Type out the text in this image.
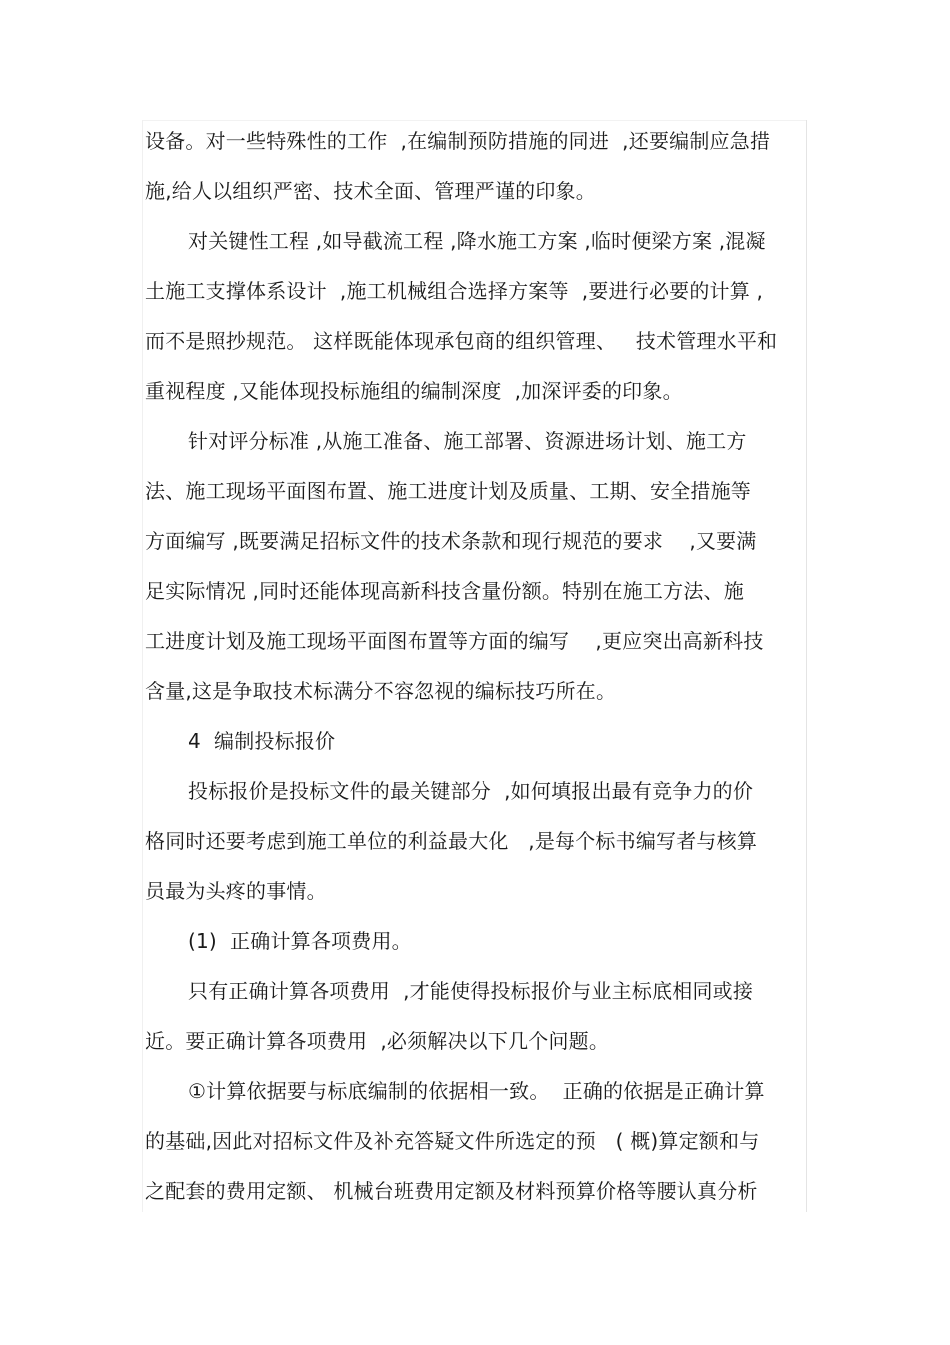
设备。对一些特殊性的工作  ,在编制预防措施的同进  ,还要编制应急措
施,给人以组织严密、技术全面、管理严谨的印象。
对关键性工程 ,如导截流工程 ,降水施工方案 ,临时便梁方案 ,混凝
土施工支撑体系设计  ,施工机械组合选择方案等  ,要进行必要的计算 ,
而不是照抄规范。 这样既能体现承包商的组织管理、   技术管理水平和
重视程度 ,又能体现投标施组的编制深度  ,加深评委的印象。
针对评分标准 ,从施工准备、施工部署、资源进场计划、施工方
法、施工现场平面图布置、施工进度计划及质量、工期、安全措施等
方面编写 ,既要满足招标文件的技术条款和现行规范的要求    ,又要满
足实际情况 ,同时还能体现高新科技含量份额。特别在施工方法、施
工进度计划及施工现场平面图布置等方面的编写    ,更应突出高新科技
含量,这是争取技术标满分不容忽视的编标技巧所在。
4  编制投标报价
投标报价是投标文件的最关键部分  ,如何填报出最有竞争力的价
格同时还要考虑到施工单位的利益最大化   ,是每个标书编写者与核算
员最为头疼的事情。
(1)  正确计算各项费用。
只有正确计算各项费用  ,才能使得投标报价与业主标底相同或接
近。要正确计算各项费用  ,必须解决以下几个问题。
①计算依据要与标底编制的依据相一致。  正确的依据是正确计算
的基础,因此对招标文件及补充答疑文件所选定的预   ( 概)算定额和与
之配套的费用定额、 机械台班费用定额及材料预算价格等腰认真分析
